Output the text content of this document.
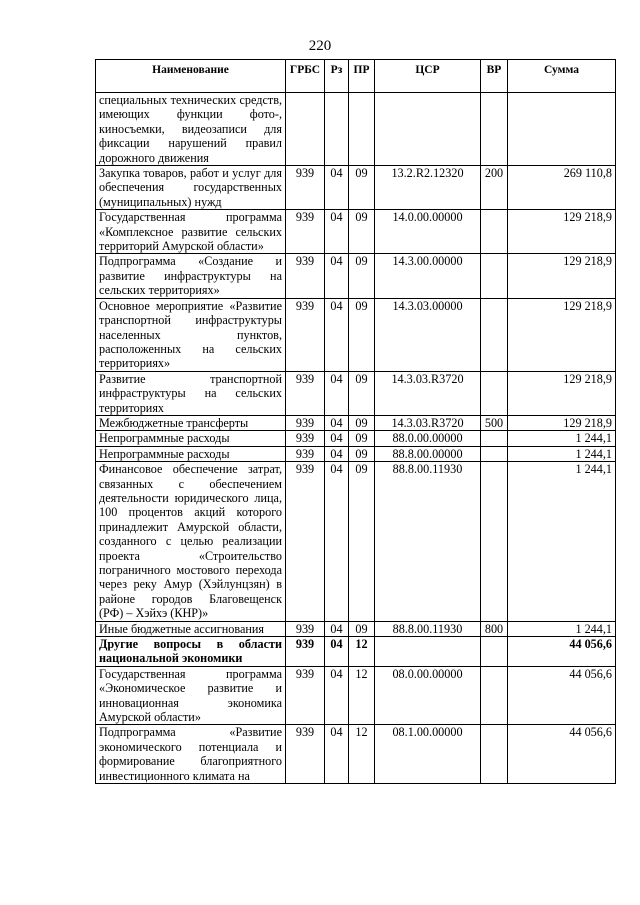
220
Наименование	ГРБС	Рз	ПР	ЦСР	ВР	Сумма
специальных технических средств, имеющих функции фото-, киносъемки, видеозаписи для фиксации нарушений правил дорожного движения						
Закупка товаров, работ и услуг для обеспечения государственных (муниципальных) нужд	939	04	09	13.2.R2.12320	200	269 110,8
Государственная программа «Комплексное развитие сельских территорий Амурской области»	939	04	09	14.0.00.00000		129 218,9
Подпрограмма «Создание и развитие инфраструктуры на сельских территориях»	939	04	09	14.3.00.00000		129 218,9
Основное мероприятие «Развитие транспортной инфраструктуры населенных пунктов, расположенных на сельских территориях»	939	04	09	14.3.03.00000		129 218,9
Развитие транспортной инфраструктуры на сельских территориях	939	04	09	14.3.03.R3720		129 218,9
Межбюджетные трансферты	939	04	09	14.3.03.R3720	500	129 218,9
Непрограммные расходы	939	04	09	88.0.00.00000		1 244,1
Непрограммные расходы	939	04	09	88.8.00.00000		1 244,1
Финансовое обеспечение затрат, связанных с обеспечением деятельности юридического лица, 100 процентов акций которого принадлежит Амурской области, созданного с целью реализации проекта «Строительство пограничного мостового перехода через реку Амур (Хэйлунцзян) в районе городов Благовещенск (РФ) – Хэйхэ (КНР)»	939	04	09	88.8.00.11930		1 244,1
Иные бюджетные ассигнования	939	04	09	88.8.00.11930	800	1 244,1
Другие вопросы в области национальной экономики	939	04	12			44 056,6
Государственная программа «Экономическое развитие и инновационная экономика Амурской области»	939	04	12	08.0.00.00000		44 056,6
Подпрограмма «Развитие экономического потенциала и формирование благоприятного инвестиционного климата на	939	04	12	08.1.00.00000		44 056,6
